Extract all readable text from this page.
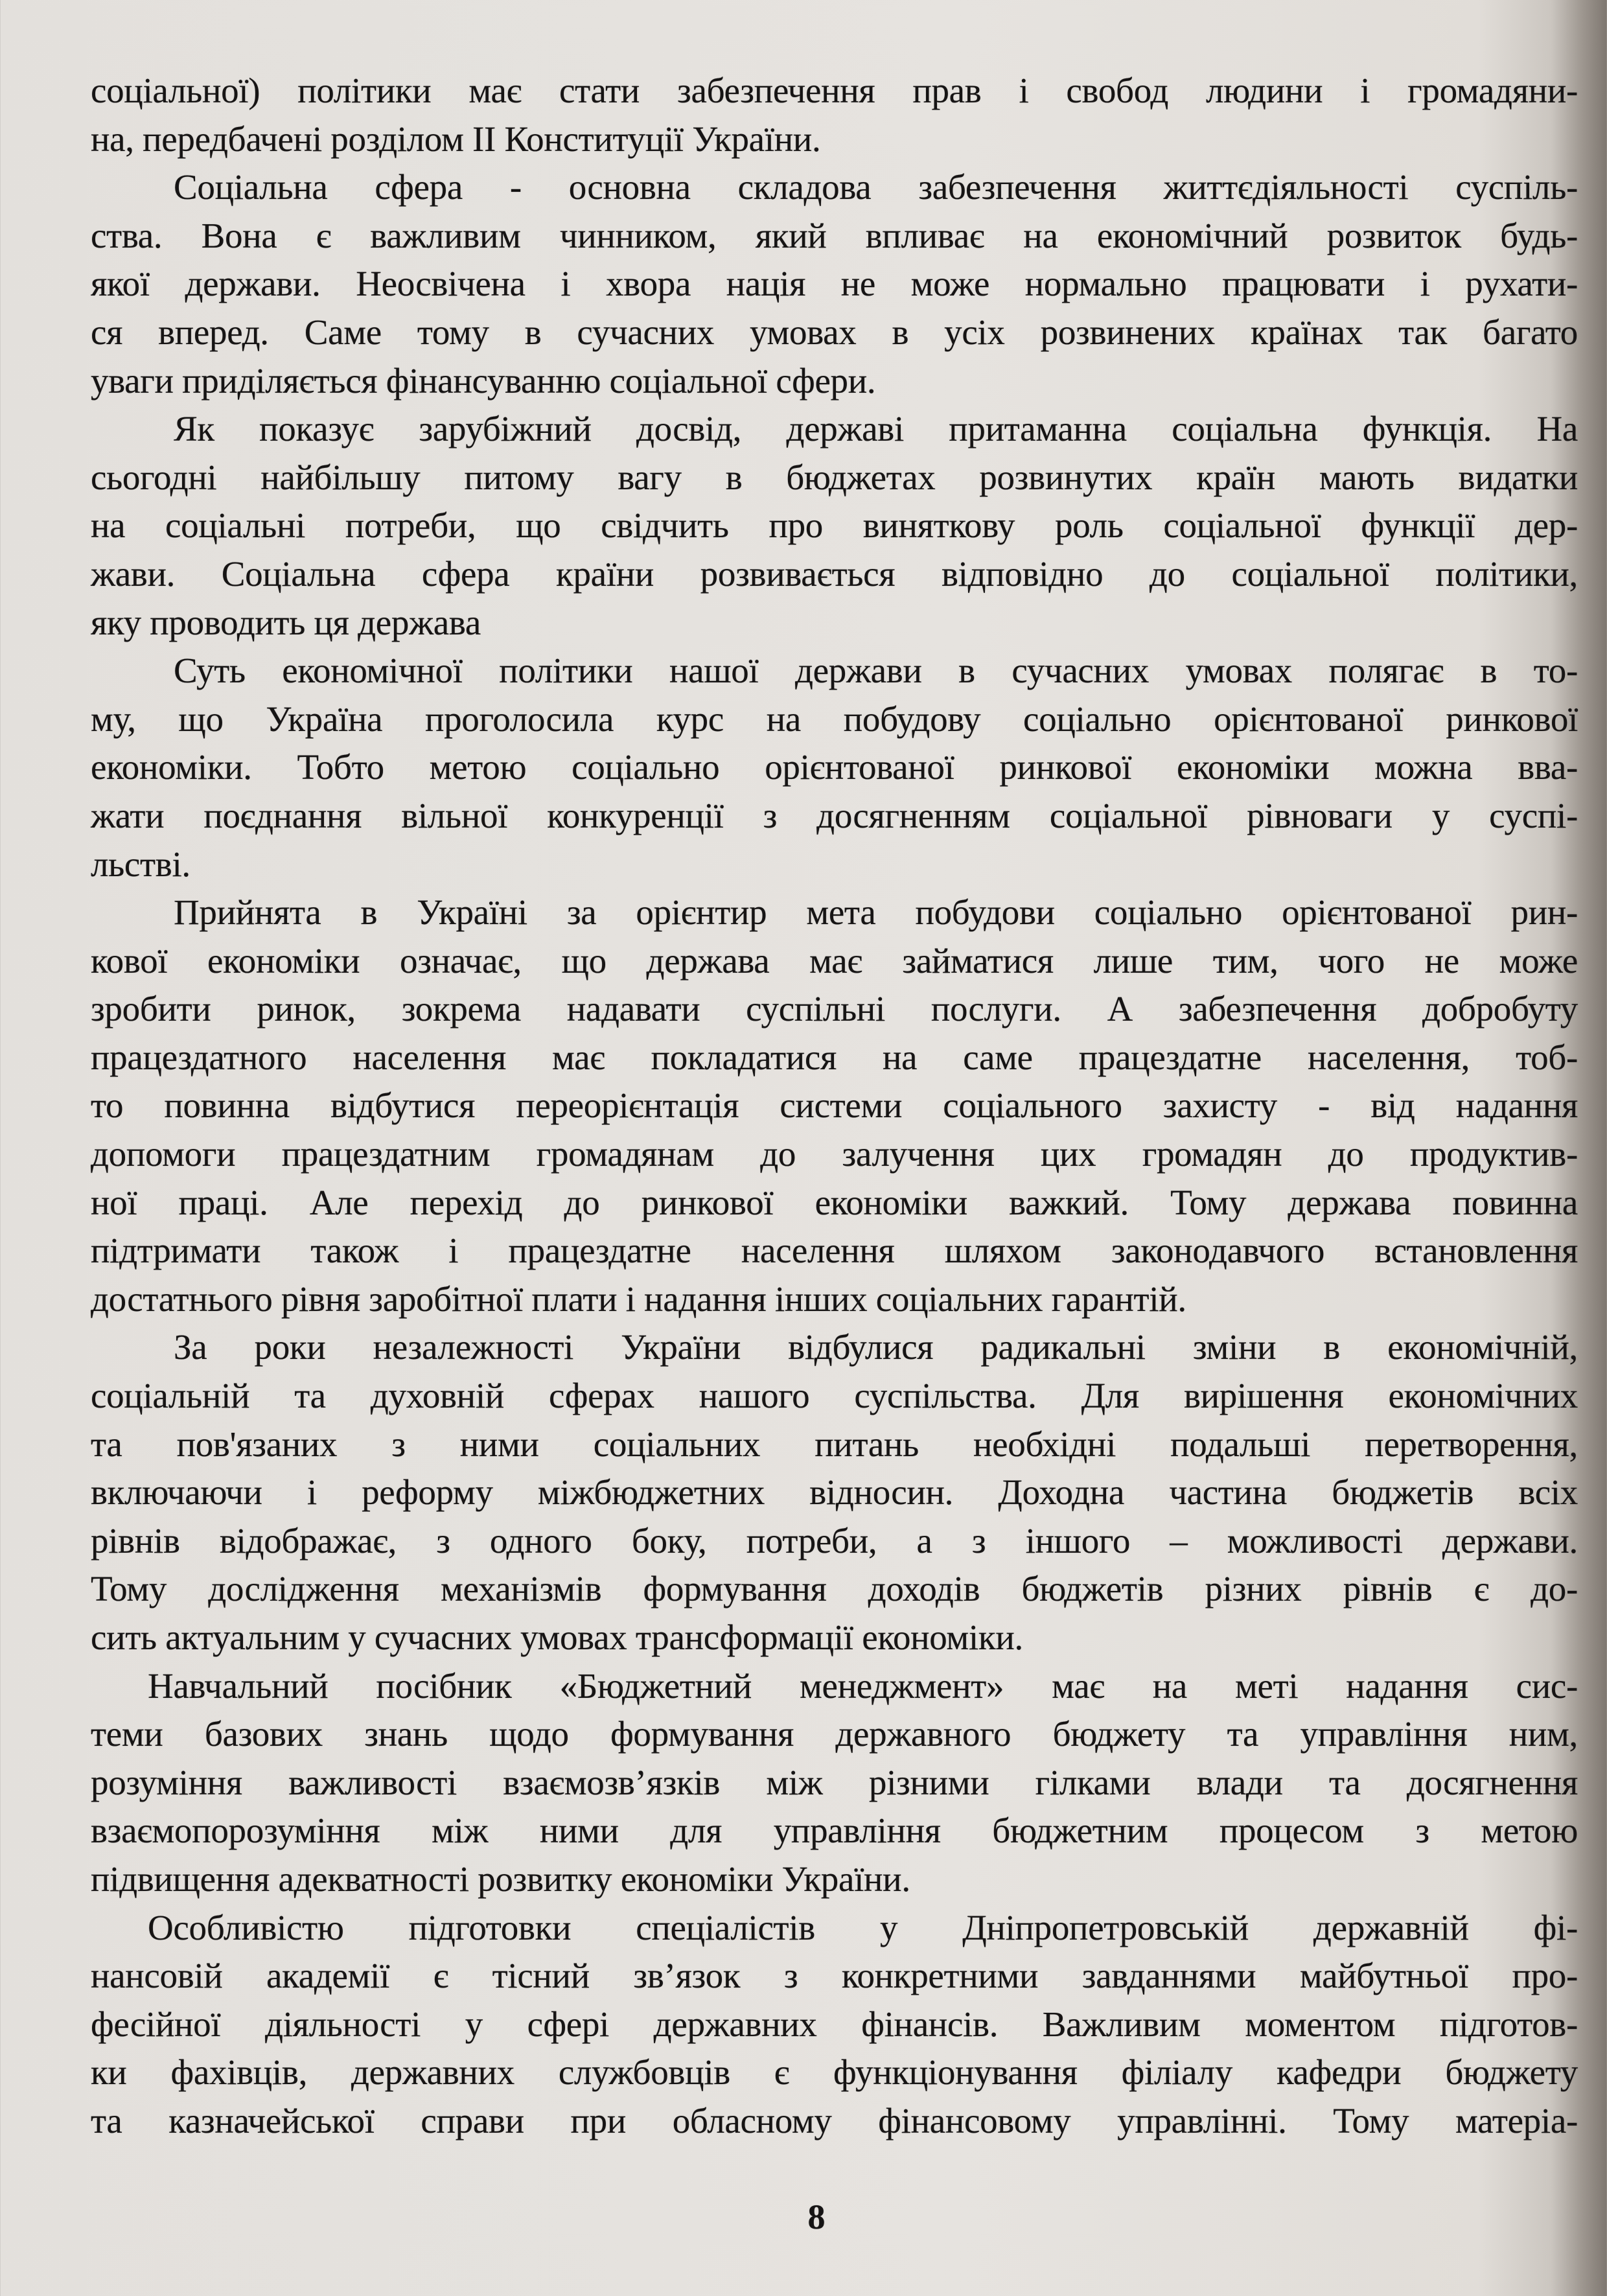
соціальної) політики має стати забезпечення прав і свобод людини і громадяни-
на, передбачені розділом II Конституції України.
Соціальна сфера - основна складова забезпечення життєдіяльності суспіль-
ства. Вона є важливим чинником, який впливає на економічний розвиток будь-
якої держави. Неосвічена і хвора нація не може нормально працювати і рухати-
ся вперед. Саме тому в сучасних умовах в усіх розвинених країнах так багато
уваги приділяється фінансуванню соціальної сфери.
Як показує зарубіжний досвід, державі притаманна соціальна функція. На
сьогодні найбільшу питому вагу в бюджетах розвинутих країн мають видатки
на соціальні потреби, що свідчить про виняткову роль соціальної функції дер-
жави. Соціальна сфера країни розвивається відповідно до соціальної політики,
яку проводить ця держава
Суть економічної політики нашої держави в сучасних умовах полягає в то-
му, що Україна проголосила курс на побудову соціально орієнтованої ринкової
економіки. Тобто метою соціально орієнтованої ринкової економіки можна вва-
жати поєднання вільної конкуренції з досягненням соціальної рівноваги у суспі-
льстві.
Прийнята в Україні за орієнтир мета побудови соціально орієнтованої рин-
кової економіки означає, що держава має займатися лише тим, чого не може
зробити ринок, зокрема надавати суспільні послуги. А забезпечення добробуту
працездатного населення має покладатися на саме працездатне населення, тоб-
то повинна відбутися переорієнтація системи соціального захисту - від надання
допомоги працездатним громадянам до залучення цих громадян до продуктив-
ної праці. Але перехід до ринкової економіки важкий. Тому держава повинна
підтримати також і працездатне населення шляхом законодавчого встановлення
достатнього рівня заробітної плати і надання інших соціальних гарантій.
За роки незалежності України відбулися радикальні зміни в економічній,
соціальній та духовній сферах нашого суспільства. Для вирішення економічних
та пов'язаних з ними соціальних питань необхідні подальші перетворення,
включаючи і реформу міжбюджетних відносин. Доходна частина бюджетів всіх
рівнів відображає, з одного боку, потреби, а з іншого – можливості держави.
Тому дослідження механізмів формування доходів бюджетів різних рівнів є до-
сить актуальним у сучасних умовах трансформації економіки.
Навчальний посібник «Бюджетний менеджмент» має на меті надання сис-
теми базових знань щодо формування державного бюджету та управління ним,
розуміння важливості взаємозв’язків між різними гілками влади та досягнення
взаємопорозуміння між ними для управління бюджетним процесом з метою
підвищення адекватності розвитку економіки України.
Особливістю підготовки спеціалістів у Дніпропетровській державній фі-
нансовій академії є тісний зв’язок з конкретними завданнями майбутньої про-
фесійної діяльності у сфері державних фінансів. Важливим моментом підготов-
ки фахівців, державних службовців є функціонування філіалу кафедри бюджету
та казначейської справи при обласному фінансовому управлінні. Тому матеріа-
8
